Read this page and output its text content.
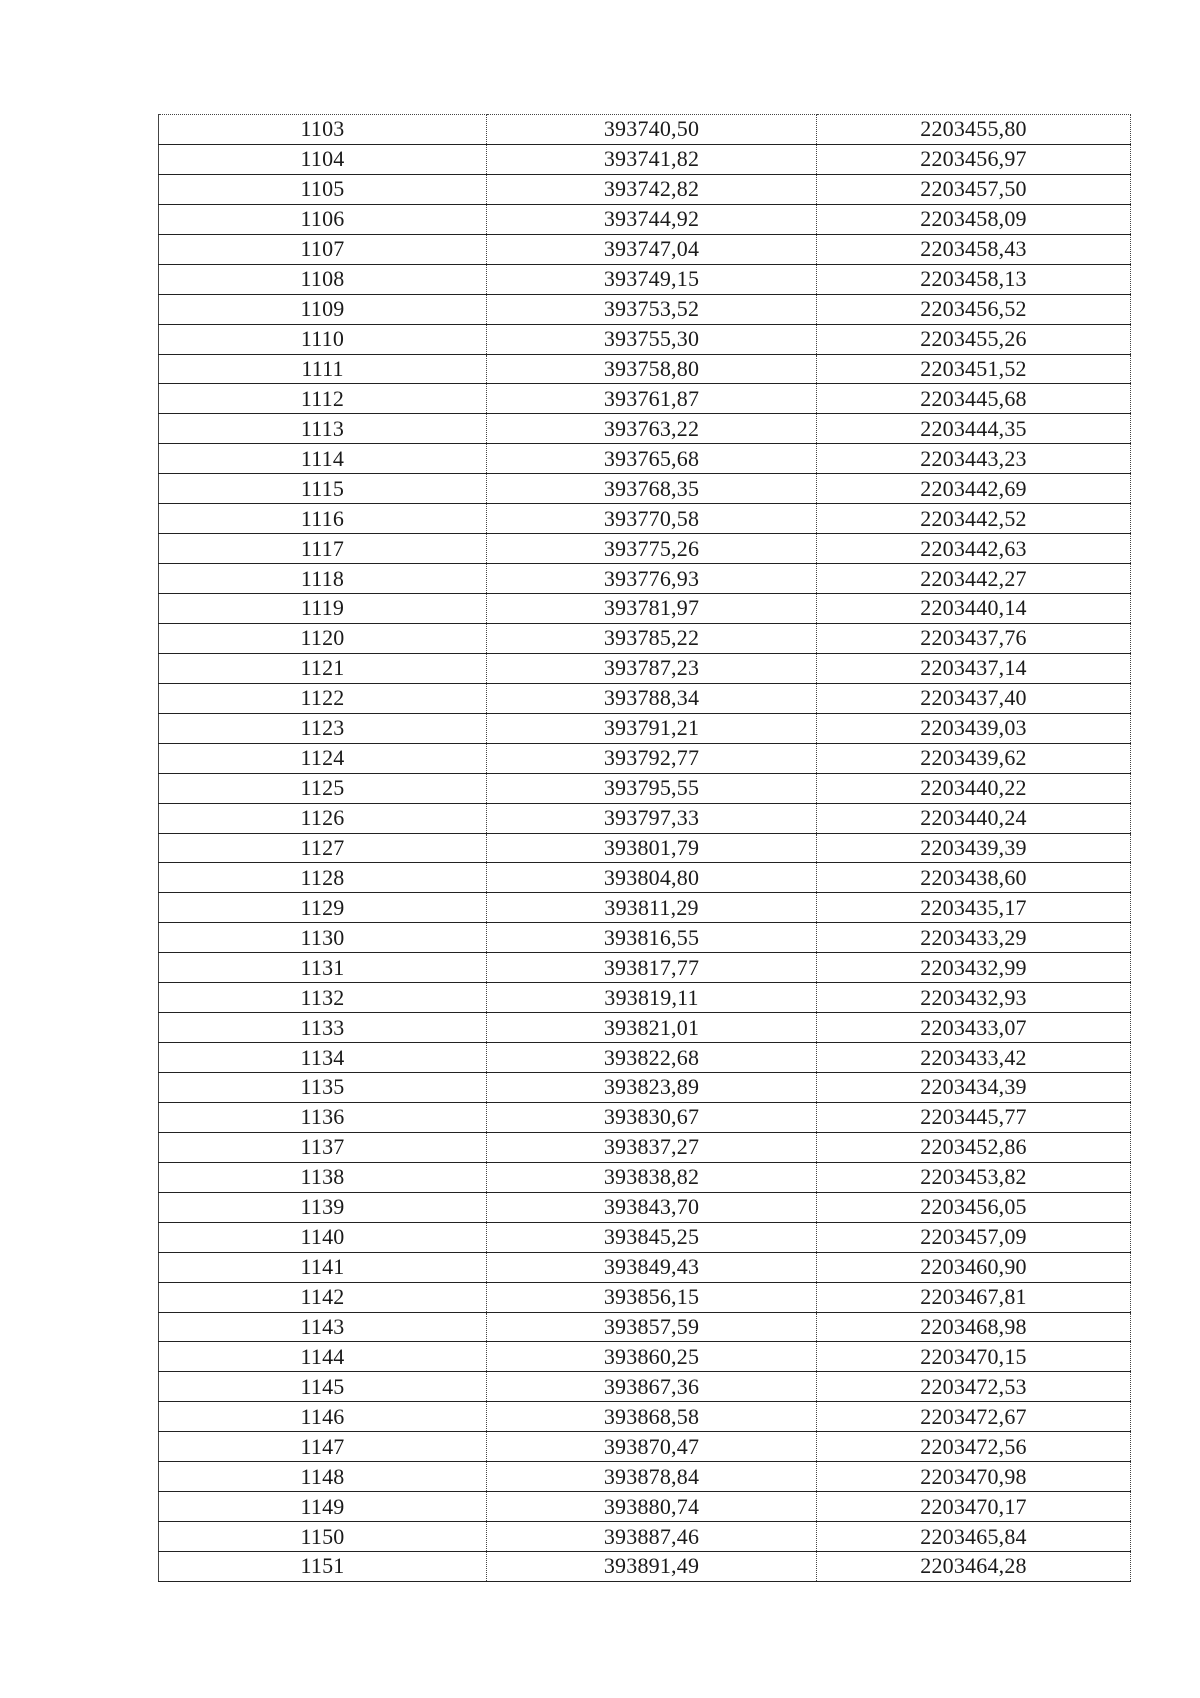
1103	393740,50	2203455,80
1104	393741,82	2203456,97
1105	393742,82	2203457,50
1106	393744,92	2203458,09
1107	393747,04	2203458,43
1108	393749,15	2203458,13
1109	393753,52	2203456,52
1110	393755,30	2203455,26
1111	393758,80	2203451,52
1112	393761,87	2203445,68
1113	393763,22	2203444,35
1114	393765,68	2203443,23
1115	393768,35	2203442,69
1116	393770,58	2203442,52
1117	393775,26	2203442,63
1118	393776,93	2203442,27
1119	393781,97	2203440,14
1120	393785,22	2203437,76
1121	393787,23	2203437,14
1122	393788,34	2203437,40
1123	393791,21	2203439,03
1124	393792,77	2203439,62
1125	393795,55	2203440,22
1126	393797,33	2203440,24
1127	393801,79	2203439,39
1128	393804,80	2203438,60
1129	393811,29	2203435,17
1130	393816,55	2203433,29
1131	393817,77	2203432,99
1132	393819,11	2203432,93
1133	393821,01	2203433,07
1134	393822,68	2203433,42
1135	393823,89	2203434,39
1136	393830,67	2203445,77
1137	393837,27	2203452,86
1138	393838,82	2203453,82
1139	393843,70	2203456,05
1140	393845,25	2203457,09
1141	393849,43	2203460,90
1142	393856,15	2203467,81
1143	393857,59	2203468,98
1144	393860,25	2203470,15
1145	393867,36	2203472,53
1146	393868,58	2203472,67
1147	393870,47	2203472,56
1148	393878,84	2203470,98
1149	393880,74	2203470,17
1150	393887,46	2203465,84
1151	393891,49	2203464,28
